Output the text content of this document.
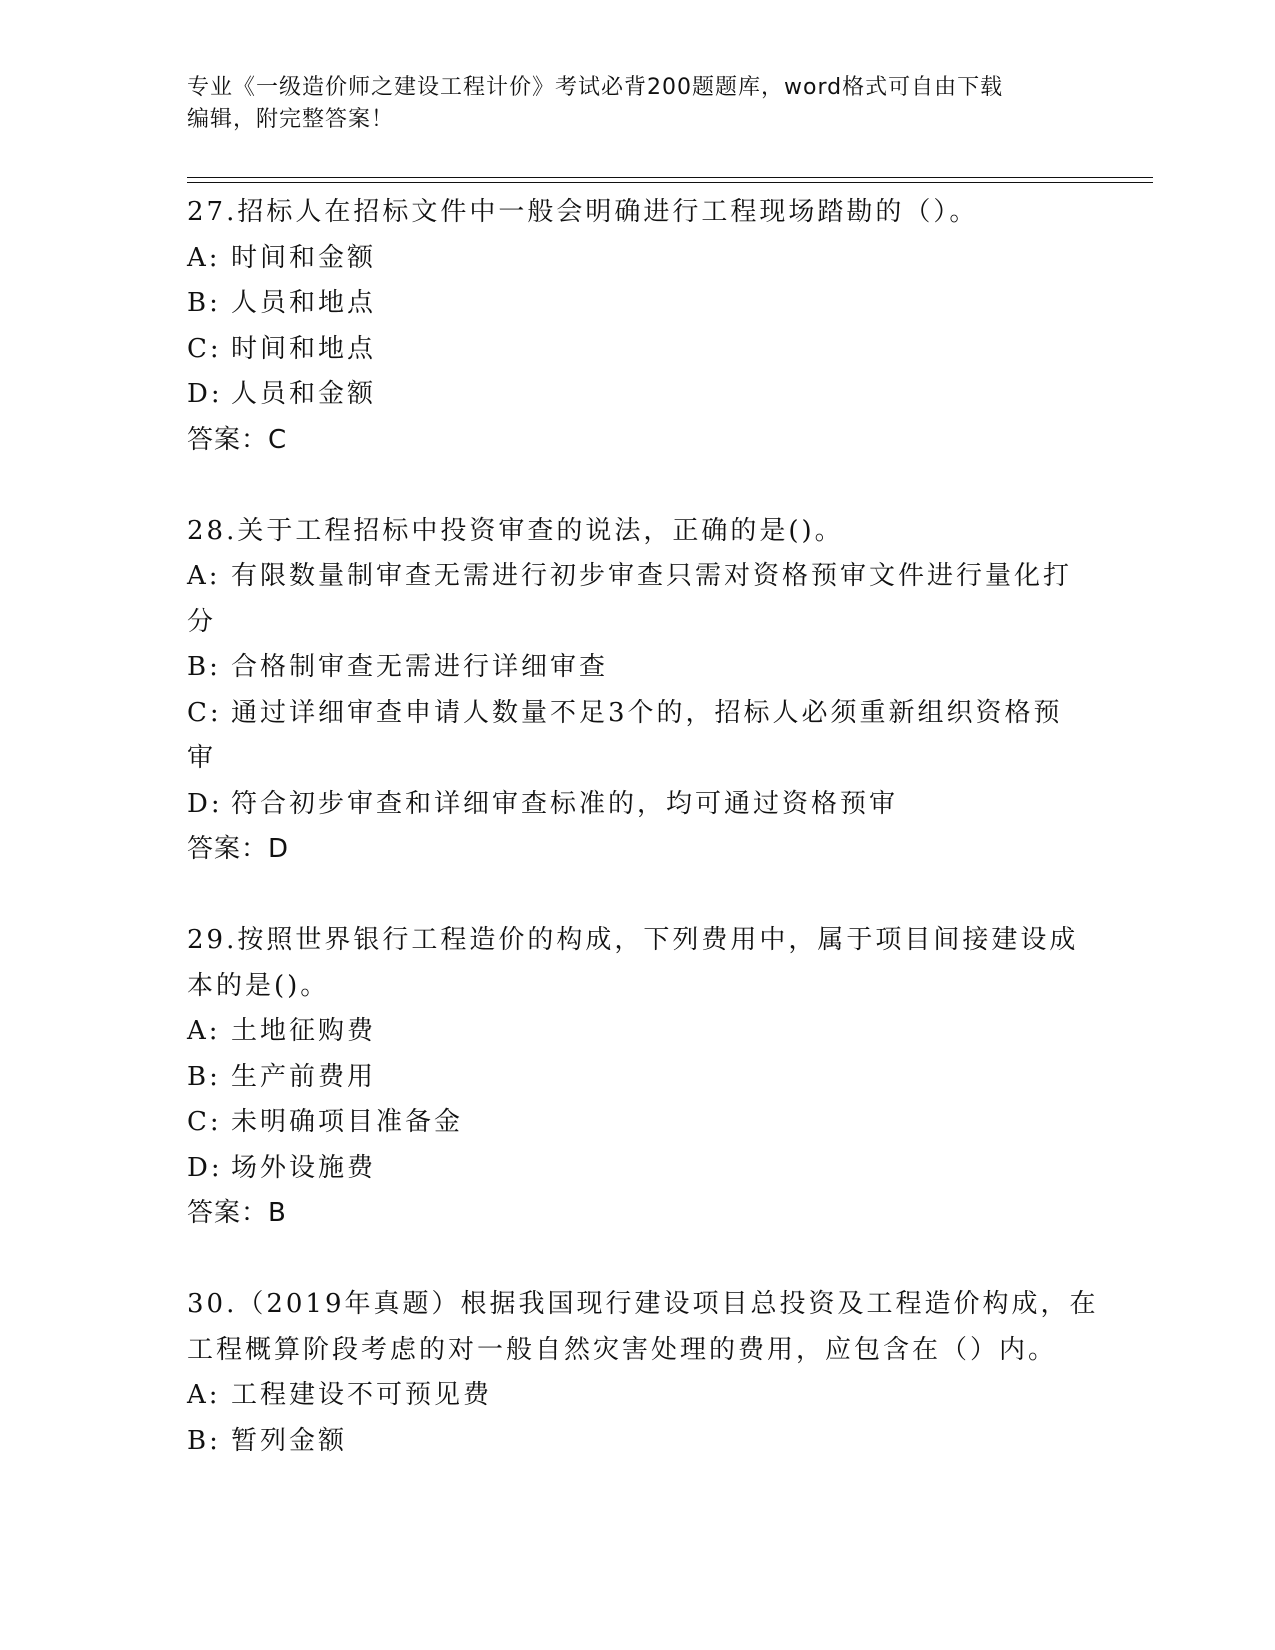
专业《一级造价师之建设工程计价》考试必背200题题库，word格式可自由下载
编辑，附完整答案！

27.招标人在招标文件中一般会明确进行工程现场踏勘的（）。

A: 时间和金额

B: 人员和地点

C: 时间和地点

D: 人员和金额

答案：C

28.关于工程招标中投资审查的说法，正确的是()。

A: 有限数量制审查无需进行初步审查只需对资格预审文件进行量化打

分

B: 合格制审查无需进行详细审查

C: 通过详细审查申请人数量不足3个的，招标人必须重新组织资格预

审

D: 符合初步审查和详细审查标准的，均可通过资格预审

答案：D

29.按照世界银行工程造价的构成，下列费用中，属于项目间接建设成

本的是()。

A: 土地征购费

B: 生产前费用

C: 未明确项目准备金

D: 场外设施费

答案：B

30.（2019年真题）根据我国现行建设项目总投资及工程造价构成，在

工程概算阶段考虑的对一般自然灾害处理的费用，应包含在（）内。

A: 工程建设不可预见费

B: 暂列金额
